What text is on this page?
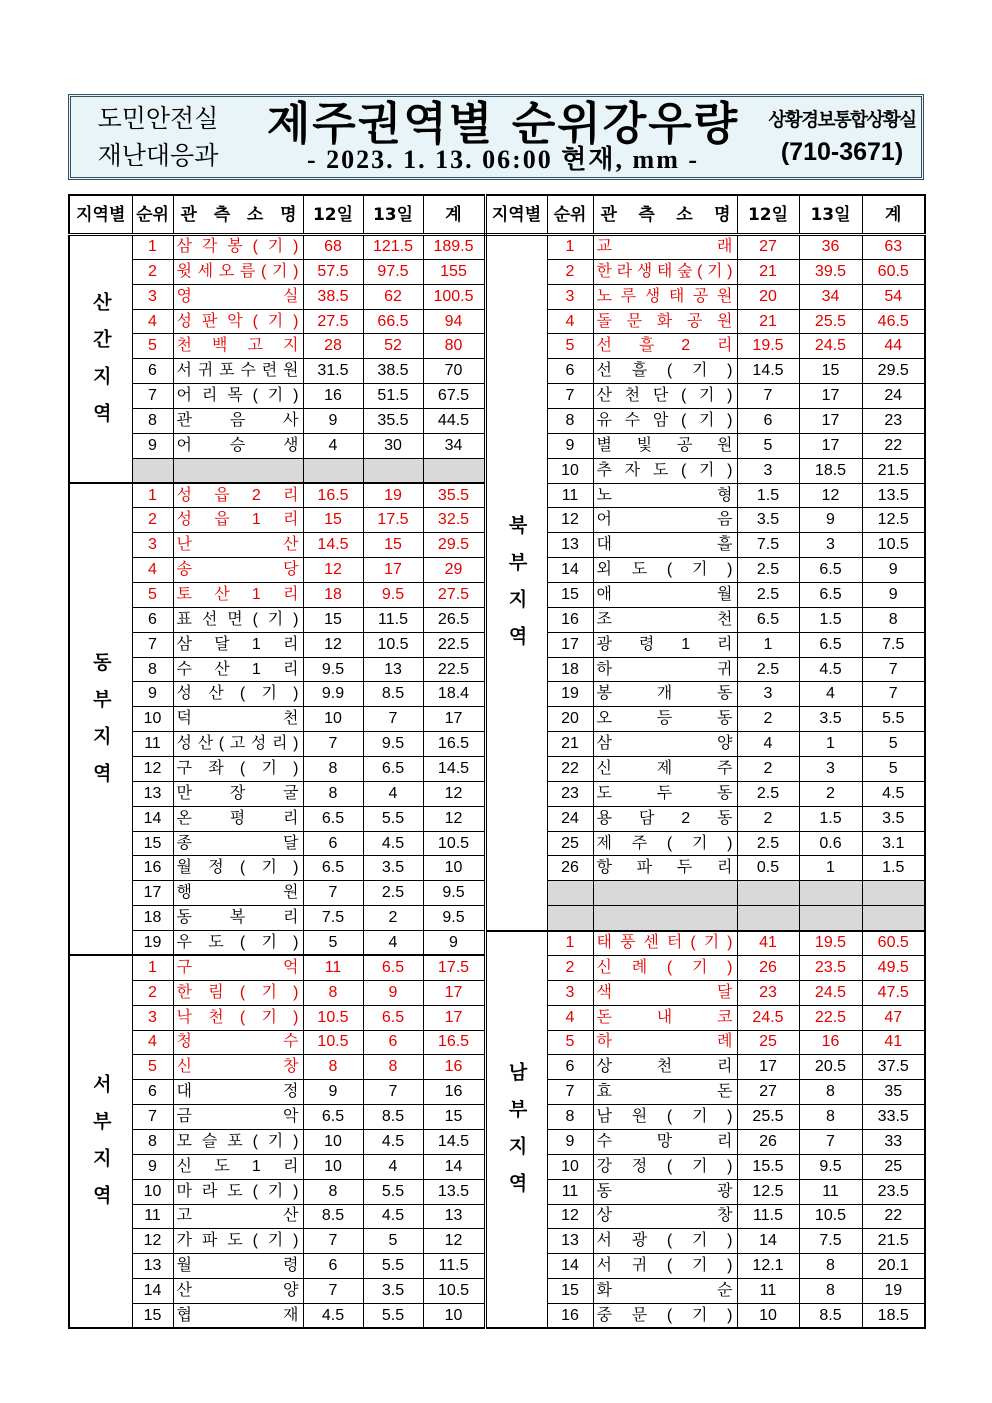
도민안전실
재난대응과
제주권역별 순위강우량
- 2023. 1. 13. 06:00 현재, mm -
상황경보통합상황실
(710-3671)
지역별	순위	관 측 소 명	12일	13일	계	지역별	순위	관 측 소 명	12일	13일	계
산간지역	1	삼 각 봉 ( 기 )	68	121.5	189.5	북부지역	1	교 래	27	36	63
	2	윗 세 오 름 ( 기 )	57.5	97.5	155		2	한 라 생 태 숲 ( 기 )	21	39.5	60.5
	3	영 실	38.5	62	100.5		3	노 루 생 태 공 원	20	34	54
	4	성 판 악 ( 기 )	27.5	66.5	94		4	돌 문 화 공 원	21	25.5	46.5
	5	천 백 고 지	28	52	80		5	선 흘 2 리	19.5	24.5	44
	6	서 귀 포 수 련 원	31.5	38.5	70		6	선 흘 ( 기 )	14.5	15	29.5
	7	어 리 목 ( 기 )	16	51.5	67.5		7	산 천 단 ( 기 )	7	17	24
	8	관 음 사	9	35.5	44.5		8	유 수 암 ( 기 )	6	17	23
	9	어 승 생	4	30	34		9	별 빛 공 원	5	17	22
							10	추 자 도 ( 기 )	3	18.5	21.5
동부지역	1	성 읍 2 리	16.5	19	35.5		11	노 형	1.5	12	13.5
	2	성 읍 1 리	15	17.5	32.5		12	어 음	3.5	9	12.5
	3	난 산	14.5	15	29.5		13	대 흘	7.5	3	10.5
	4	송 당	12	17	29		14	외 도 ( 기 )	2.5	6.5	9
	5	토 산 1 리	18	9.5	27.5		15	애 월	2.5	6.5	9
	6	표 선 면 ( 기 )	15	11.5	26.5		16	조 천	6.5	1.5	8
	7	삼 달 1 리	12	10.5	22.5		17	광 령 1 리	1	6.5	7.5
	8	수 산 1 리	9.5	13	22.5		18	하 귀	2.5	4.5	7
	9	성 산 ( 기 )	9.9	8.5	18.4		19	봉 개 동	3	4	7
	10	덕 천	10	7	17		20	오 등 동	2	3.5	5.5
	11	성 산 ( 고 성 리 )	7	9.5	16.5		21	삼 양	4	1	5
	12	구 좌 ( 기 )	8	6.5	14.5		22	신 제 주	2	3	5
	13	만 장 굴	8	4	12		23	도 두 동	2.5	2	4.5
	14	온 평 리	6.5	5.5	12		24	용 담 2 동	2	1.5	3.5
	15	종 달	6	4.5	10.5		25	제 주 ( 기 )	2.5	0.6	3.1
	16	월 정 ( 기 )	6.5	3.5	10		26	항 파 두 리	0.5	1	1.5
	17	행 원	7	2.5	9.5						
	18	동 복 리	7.5	2	9.5						
	19	우 도 ( 기 )	5	4	9	남부지역	1	태 풍 센 터 ( 기 )	41	19.5	60.5
서부지역	1	구 억	11	6.5	17.5		2	신 례 ( 기 )	26	23.5	49.5
	2	한 림 ( 기 )	8	9	17		3	색 달	23	24.5	47.5
	3	낙 천 ( 기 )	10.5	6.5	17		4	돈 내 코	24.5	22.5	47
	4	청 수	10.5	6	16.5		5	하 례	25	16	41
	5	신 창	8	8	16		6	상 천 리	17	20.5	37.5
	6	대 정	9	7	16		7	효 돈	27	8	35
	7	금 악	6.5	8.5	15		8	남 원 ( 기 )	25.5	8	33.5
	8	모 슬 포 ( 기 )	10	4.5	14.5		9	수 망 리	26	7	33
	9	신 도 1 리	10	4	14		10	강 정 ( 기 )	15.5	9.5	25
	10	마 라 도 ( 기 )	8	5.5	13.5		11	동 광	12.5	11	23.5
	11	고 산	8.5	4.5	13		12	상 창	11.5	10.5	22
	12	가 파 도 ( 기 )	7	5	12		13	서 광 ( 기 )	14	7.5	21.5
	13	월 령	6	5.5	11.5		14	서 귀 ( 기 )	12.1	8	20.1
	14	산 양	7	3.5	10.5		15	화 순	11	8	19
	15	협 재	4.5	5.5	10		16	중 문 ( 기 )	10	8.5	18.5
